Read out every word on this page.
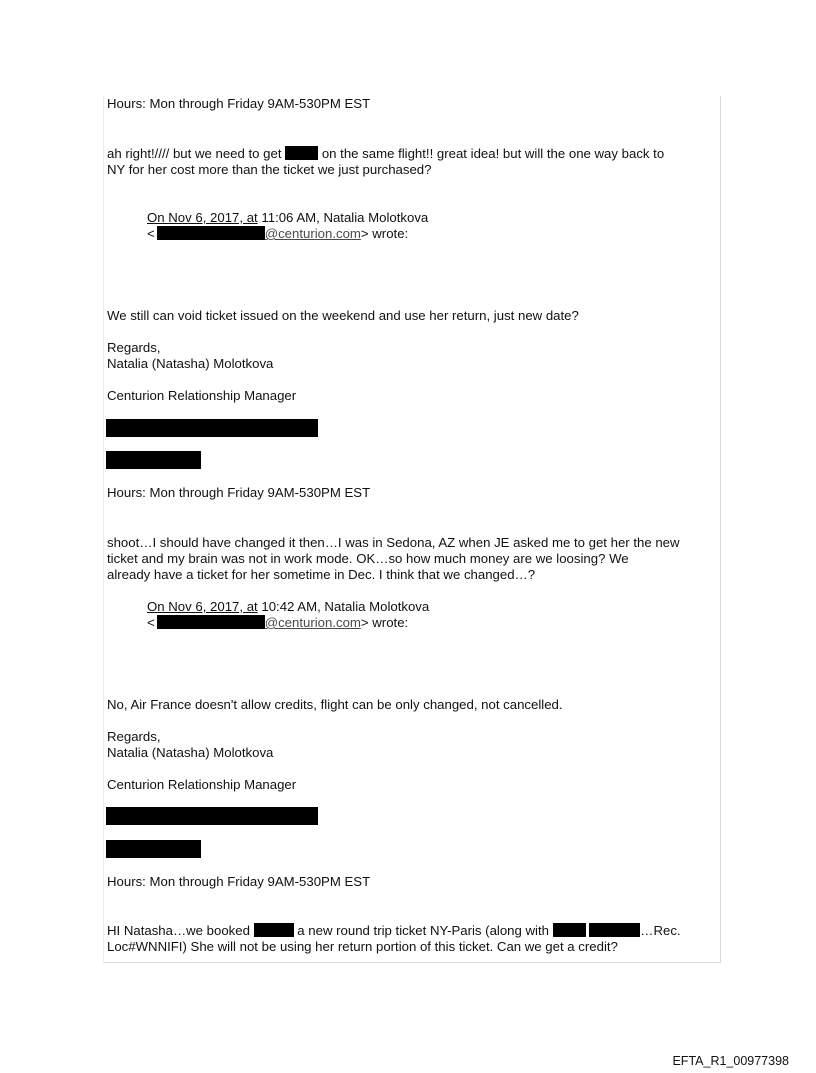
Hours: Mon through Friday 9AM-530PM EST
ah right!//// but we need to get	on the same flight!! great idea! but will the one way back to
NY for her cost more than the ticket we just purchased?
On Nov 6, 2017, at 11:06 AM, Natalia Molotkova
<	@centurion.com> wrote:
We still can void ticket issued on the weekend and use her return, just new date?
Regards,
Natalia (Natasha) Molotkova
Centurion Relationship Manager
Hours: Mon through Friday 9AM-530PM EST
shoot…I should have changed it then…I was in Sedona, AZ when JE asked me to get her the new
ticket and my brain was not in work mode. OK…so how much money are we loosing? We
already have a ticket for her sometime in Dec. I think that we changed…?
On Nov 6, 2017, at 10:42 AM, Natalia Molotkova
<	@centurion.com> wrote:
No, Air France doesn't allow credits, flight can be only changed, not cancelled.
Regards,
Natalia (Natasha) Molotkova
Centurion Relationship Manager
Hours: Mon through Friday 9AM-530PM EST
HI Natasha…we booked	a new round trip ticket NY-Paris (along with	…Rec.
Loc#WNNIFI) She will not be using her return portion of this ticket. Can we get a credit?
EFTA_R1_00977398
